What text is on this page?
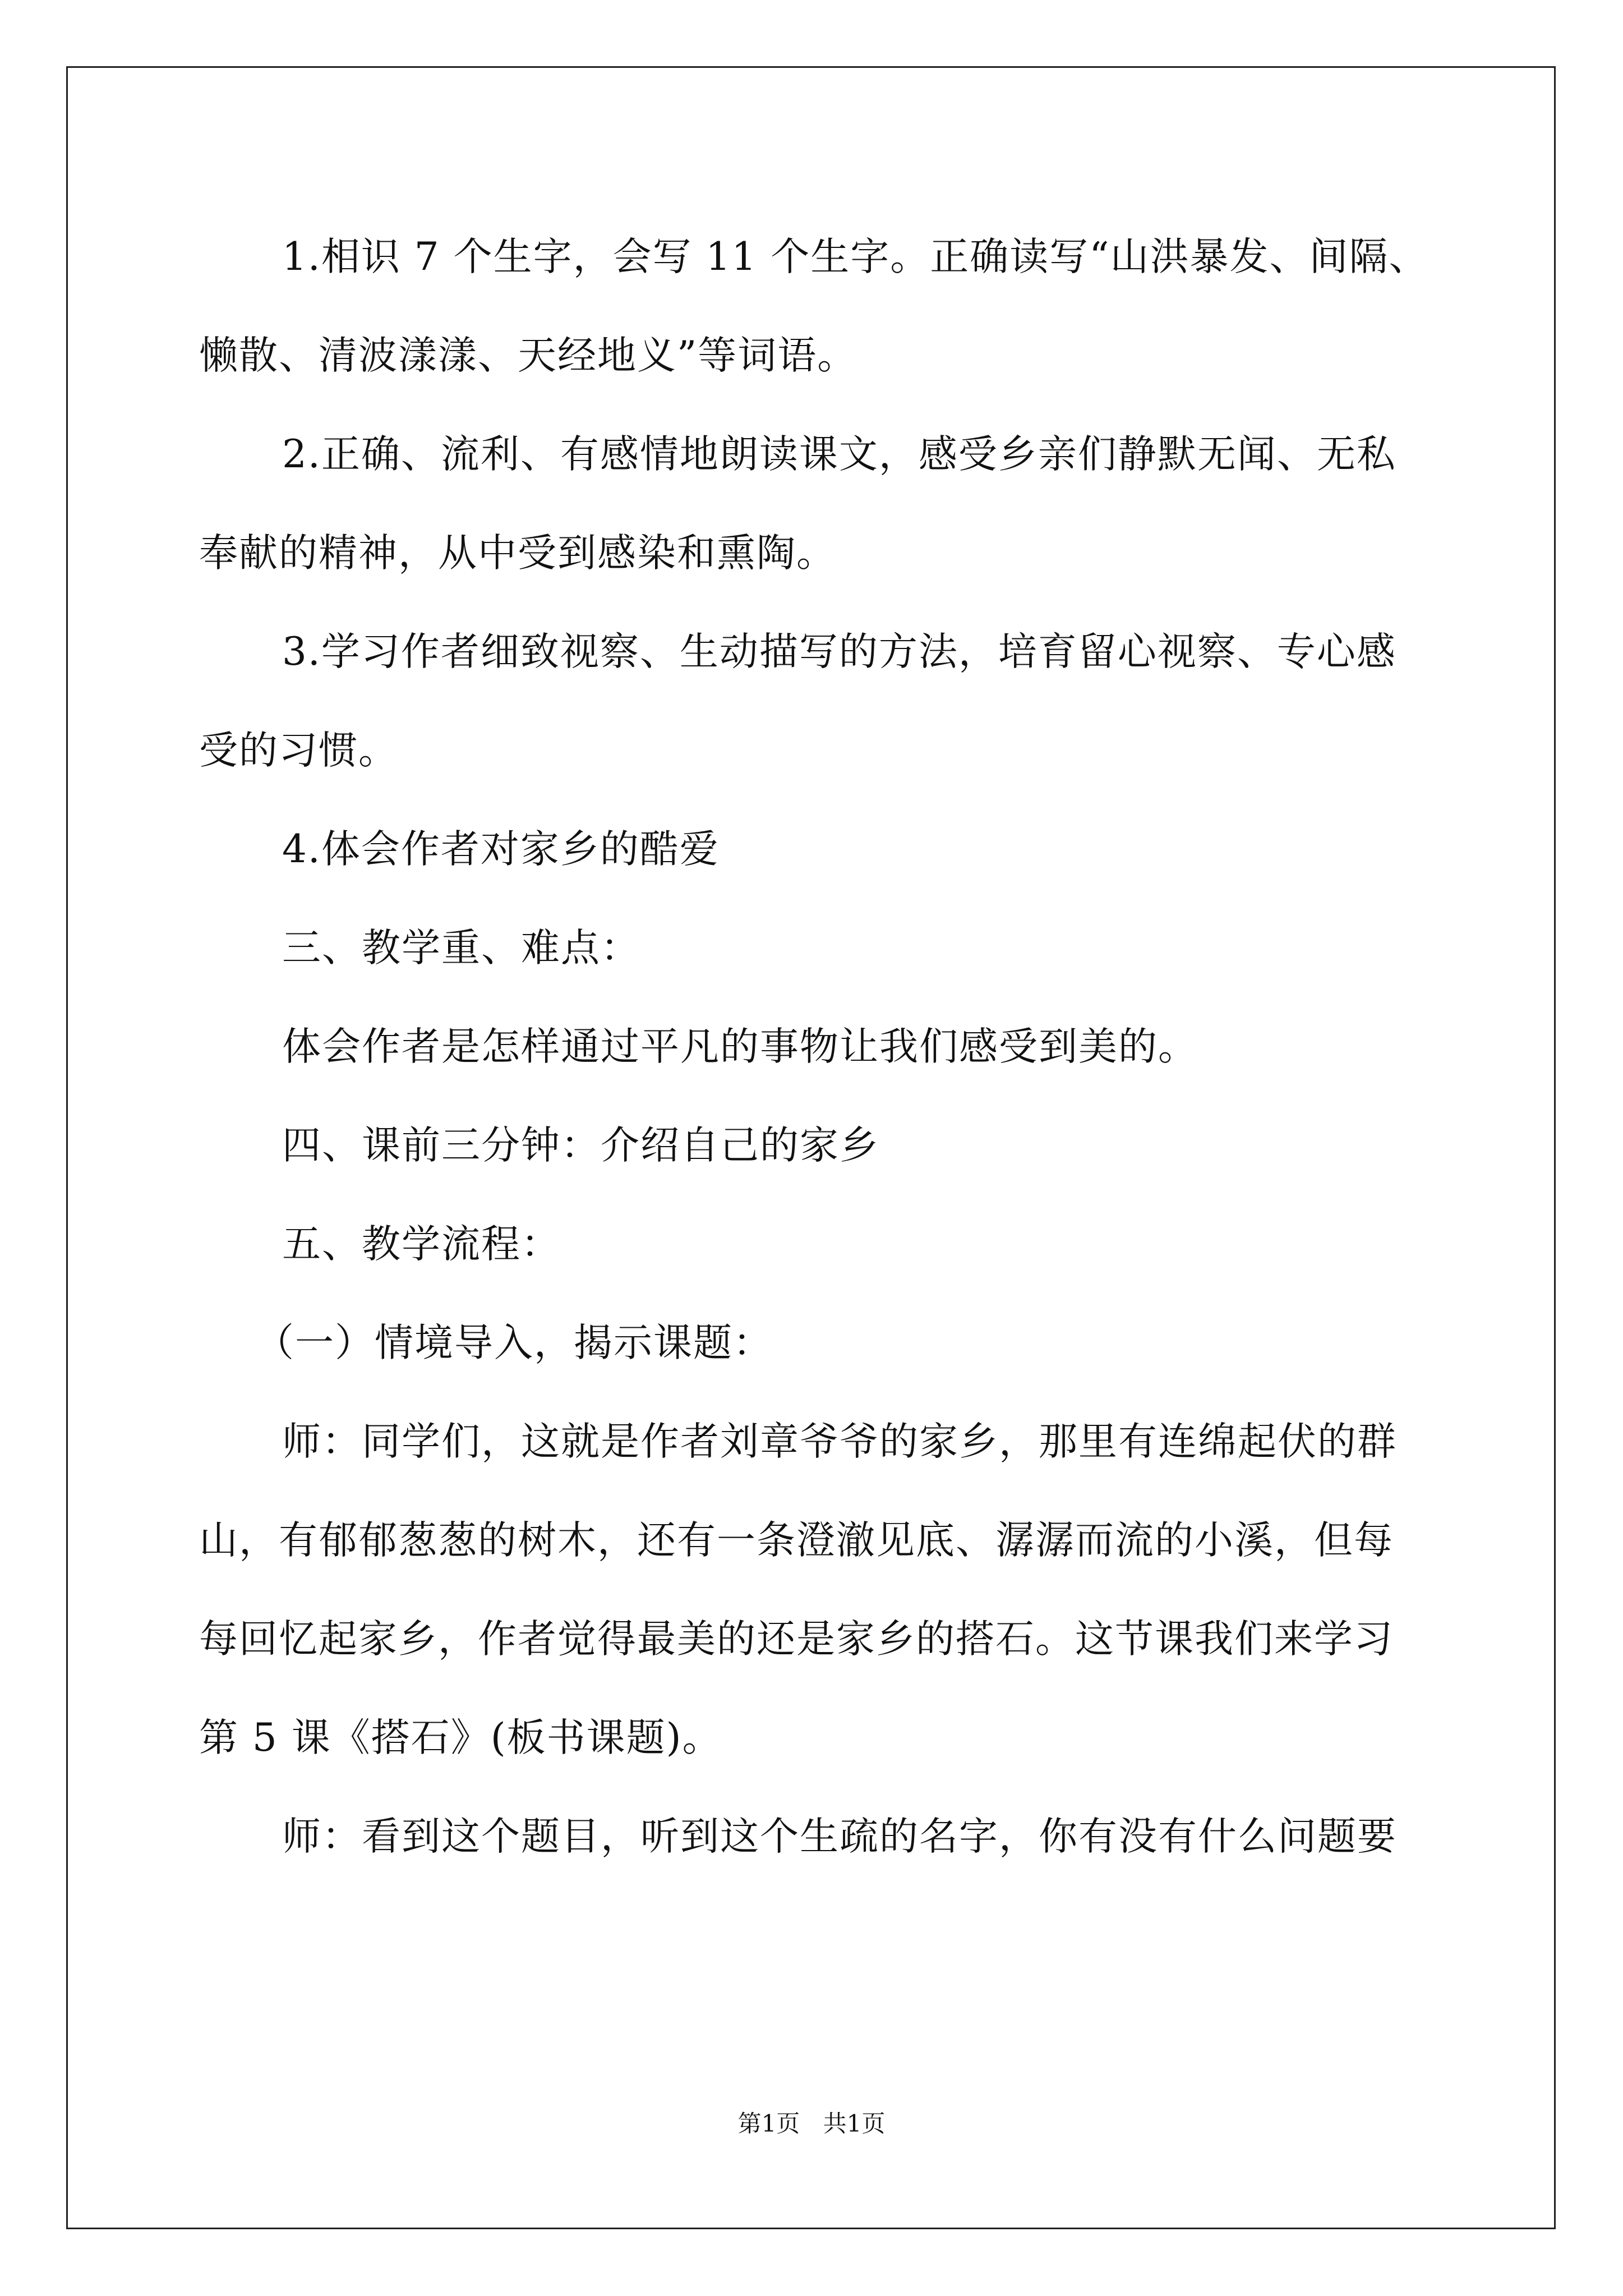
1.相识 7 个生字，会写 11 个生字。正确读写“山洪暴发、间隔、懒散、清波漾漾、天经地义”等词语。

2.正确、流利、有感情地朗读课文，感受乡亲们静默无闻、无私奉献的精神，从中受到感染和熏陶。

3.学习作者细致视察、生动描写的方法，培育留心视察、专心感受的习惯。

4.体会作者对家乡的酷爱

三、教学重、难点：

体会作者是怎样通过平凡的事物让我们感受到美的。

四、课前三分钟：介绍自己的家乡

五、教学流程：

（一）情境导入，揭示课题：

师：同学们，这就是作者刘章爷爷的家乡，那里有连绵起伏的群山，有郁郁葱葱的树木，还有一条澄澈见底、潺潺而流的小溪，但每每回忆起家乡，作者觉得最美的还是家乡的搭石。这节课我们来学习第 5 课《搭石》(板书课题)。

师：看到这个题目，听到这个生疏的名字，你有没有什么问题要

第1页 共1页
